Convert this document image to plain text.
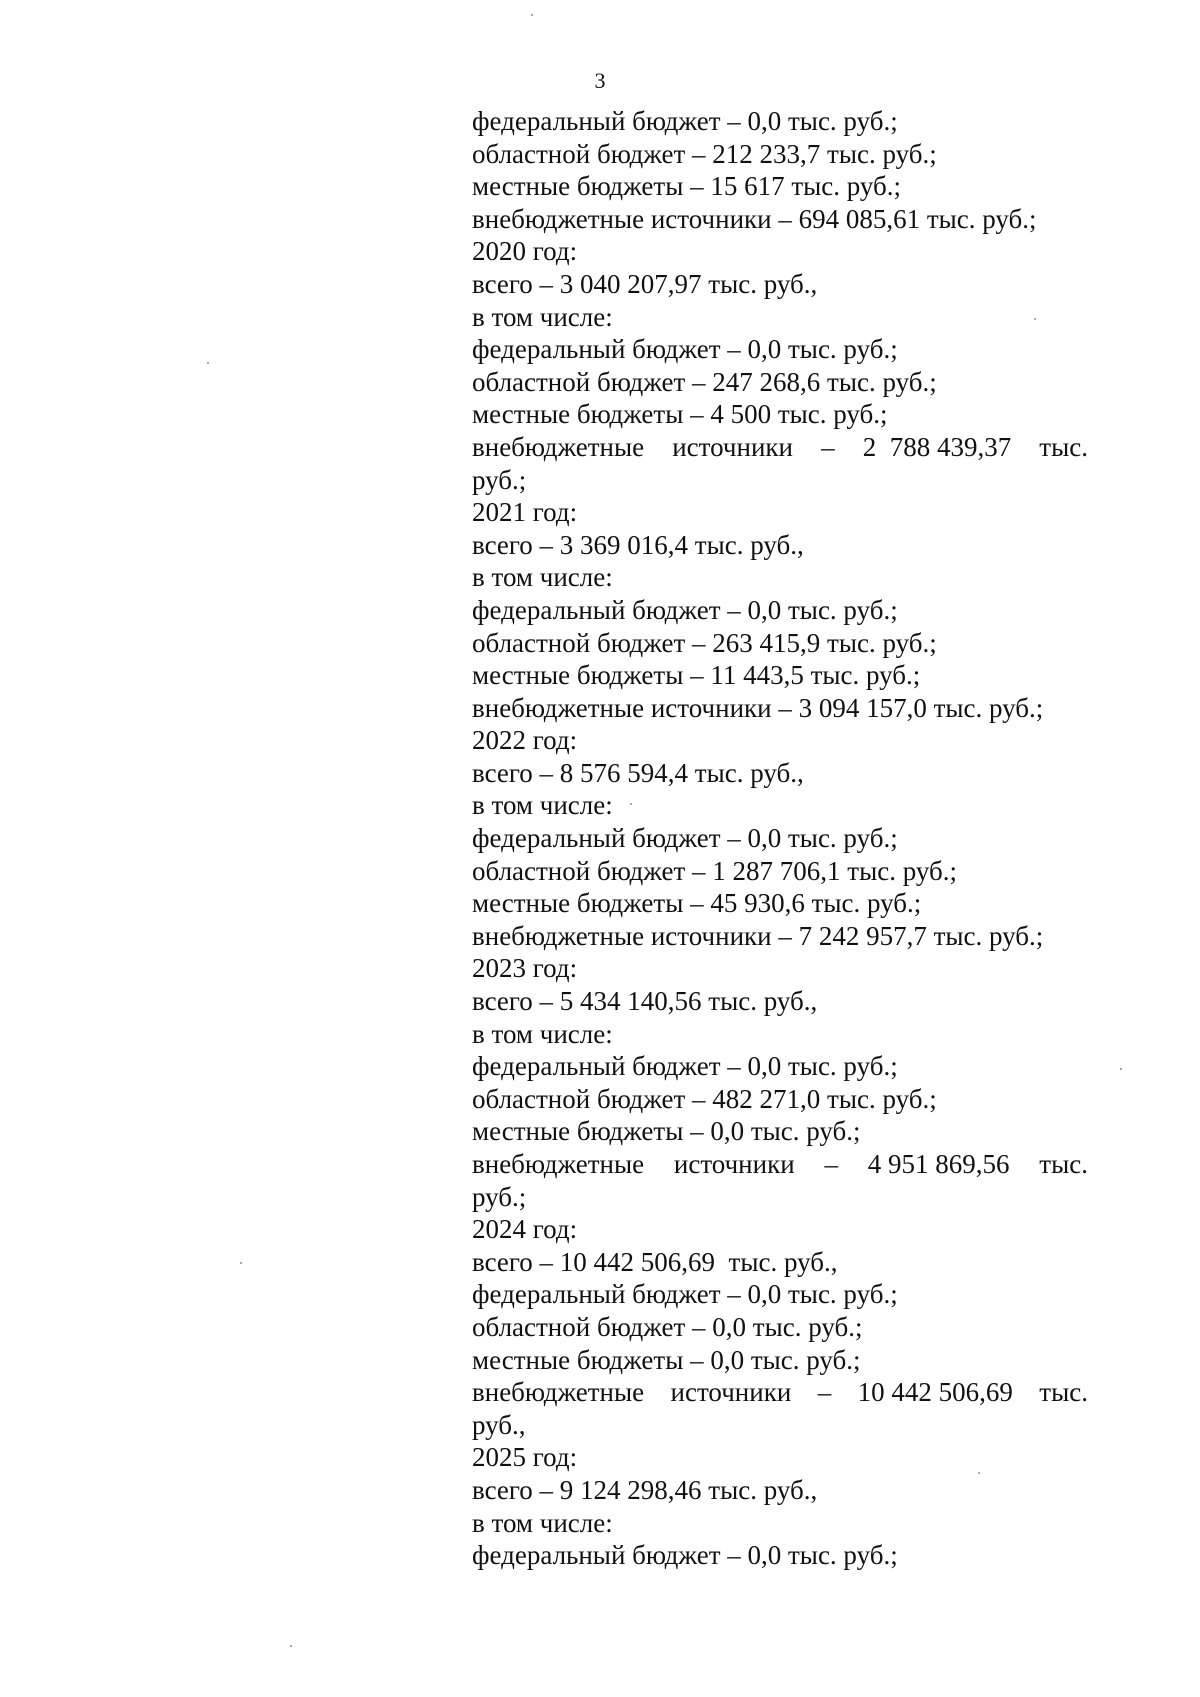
3
федеральный бюджет – 0,0 тыс. руб.;
областной бюджет – 212 233,7 тыс. руб.;
местные бюджеты – 15 617 тыс. руб.;
внебюджетные источники – 694 085,61 тыс. руб.;
2020 год:
всего – 3 040 207,97 тыс. руб.,
в том числе:
федеральный бюджет – 0,0 тыс. руб.;
областной бюджет – 247 268,6 тыс. руб.;
местные бюджеты – 4 500 тыс. руб.;
внебюджетные источники – 2  788 439,37 тыс.
руб.;
2021 год:
всего – 3 369 016,4 тыс. руб.,
в том числе:
федеральный бюджет – 0,0 тыс. руб.;
областной бюджет – 263 415,9 тыс. руб.;
местные бюджеты – 11 443,5 тыс. руб.;
внебюджетные источники – 3 094 157,0 тыс. руб.;
2022 год:
всего – 8 576 594,4 тыс. руб.,
в том числе:
федеральный бюджет – 0,0 тыс. руб.;
областной бюджет – 1 287 706,1 тыс. руб.;
местные бюджеты – 45 930,6 тыс. руб.;
внебюджетные источники – 7 242 957,7 тыс. руб.;
2023 год:
всего – 5 434 140,56 тыс. руб.,
в том числе:
федеральный бюджет – 0,0 тыс. руб.;
областной бюджет – 482 271,0 тыс. руб.;
местные бюджеты – 0,0 тыс. руб.;
внебюджетные источники – 4 951 869,56 тыс.
руб.;
2024 год:
всего – 10 442 506,69  тыс. руб.,
федеральный бюджет – 0,0 тыс. руб.;
областной бюджет – 0,0 тыс. руб.;
местные бюджеты – 0,0 тыс. руб.;
внебюджетные источники – 10 442 506,69 тыс.
руб.,
2025 год:
всего – 9 124 298,46 тыс. руб.,
в том числе:
федеральный бюджет – 0,0 тыс. руб.;
